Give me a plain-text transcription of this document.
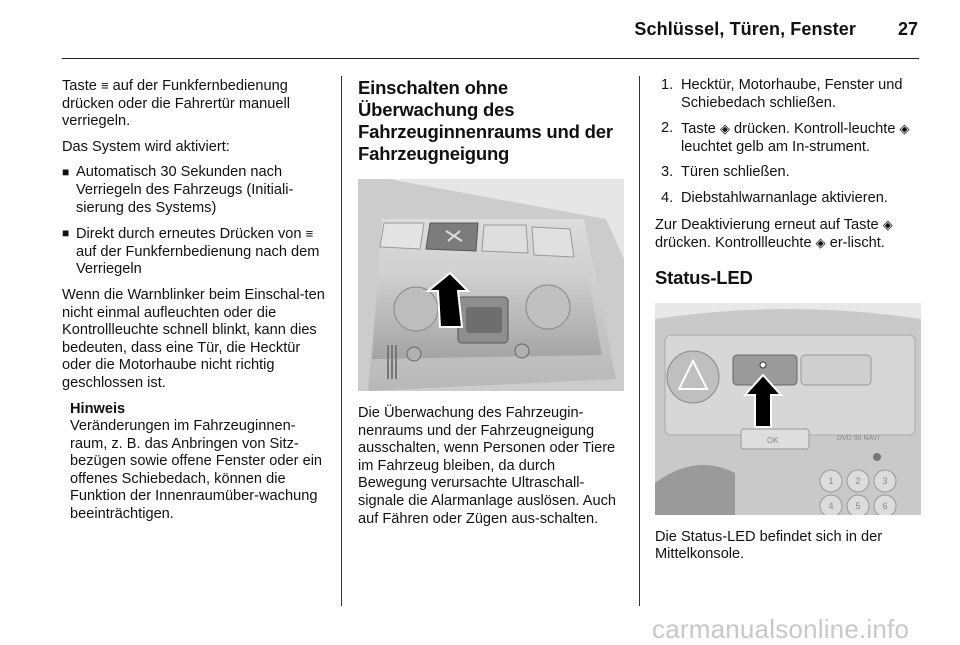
Schlüssel, Türen, Fenster 27

Taste ≡ auf der Funkfernbedienung drücken oder die Fahrertür manuell verriegeln.

Das System wird aktiviert:

■ Automatisch 30 Sekunden nach Verriegeln des Fahrzeugs (Initiali-sierung des Systems)
■ Direkt durch erneutes Drücken von ≡ auf der Funkfernbedienung nach dem Verriegeln

Wenn die Warnblinker beim Einschal-ten nicht einmal aufleuchten oder die Kontrollleuchte schnell blinkt, kann dies bedeuten, dass eine Tür, die Hecktür oder die Motorhaube nicht richtig geschlossen ist.

Hinweis
Veränderungen im Fahrzeuginnen-raum, z. B. das Anbringen von Sitz-bezügen sowie offene Fenster oder ein offenes Schiebedach, können die Funktion der Innenraumüber-wachung beeinträchtigen.
Einschalten ohne Überwachung des Fahrzeuginnenraums und der Fahrzeugneigung

Die Überwachung des Fahrzeugin-nenraums und der Fahrzeugneigung ausschalten, wenn Personen oder Tiere im Fahrzeug bleiben, da durch Bewegung verursachte Ultraschall-signale die Alarmanlage auslösen. Auch auf Fähren oder Zügen aus-schalten.

1. Hecktür, Motorhaube, Fenster und Schiebedach schließen.
2. Taste ◈ drücken. Kontroll-leuchte ◈ leuchtet gelb am In-strument.
3. Türen schließen.
4. Diebstahlwarnanlage aktivieren.

Zur Deaktivierung erneut auf Taste ◈ drücken. Kontrollleuchte ◈ er-lischt.

Status-LED
OK	DVD 90 NAVI
1 2 3
4 5 6

Die Status-LED befindet sich in der Mittelkonsole.

carmanualsonline.info
